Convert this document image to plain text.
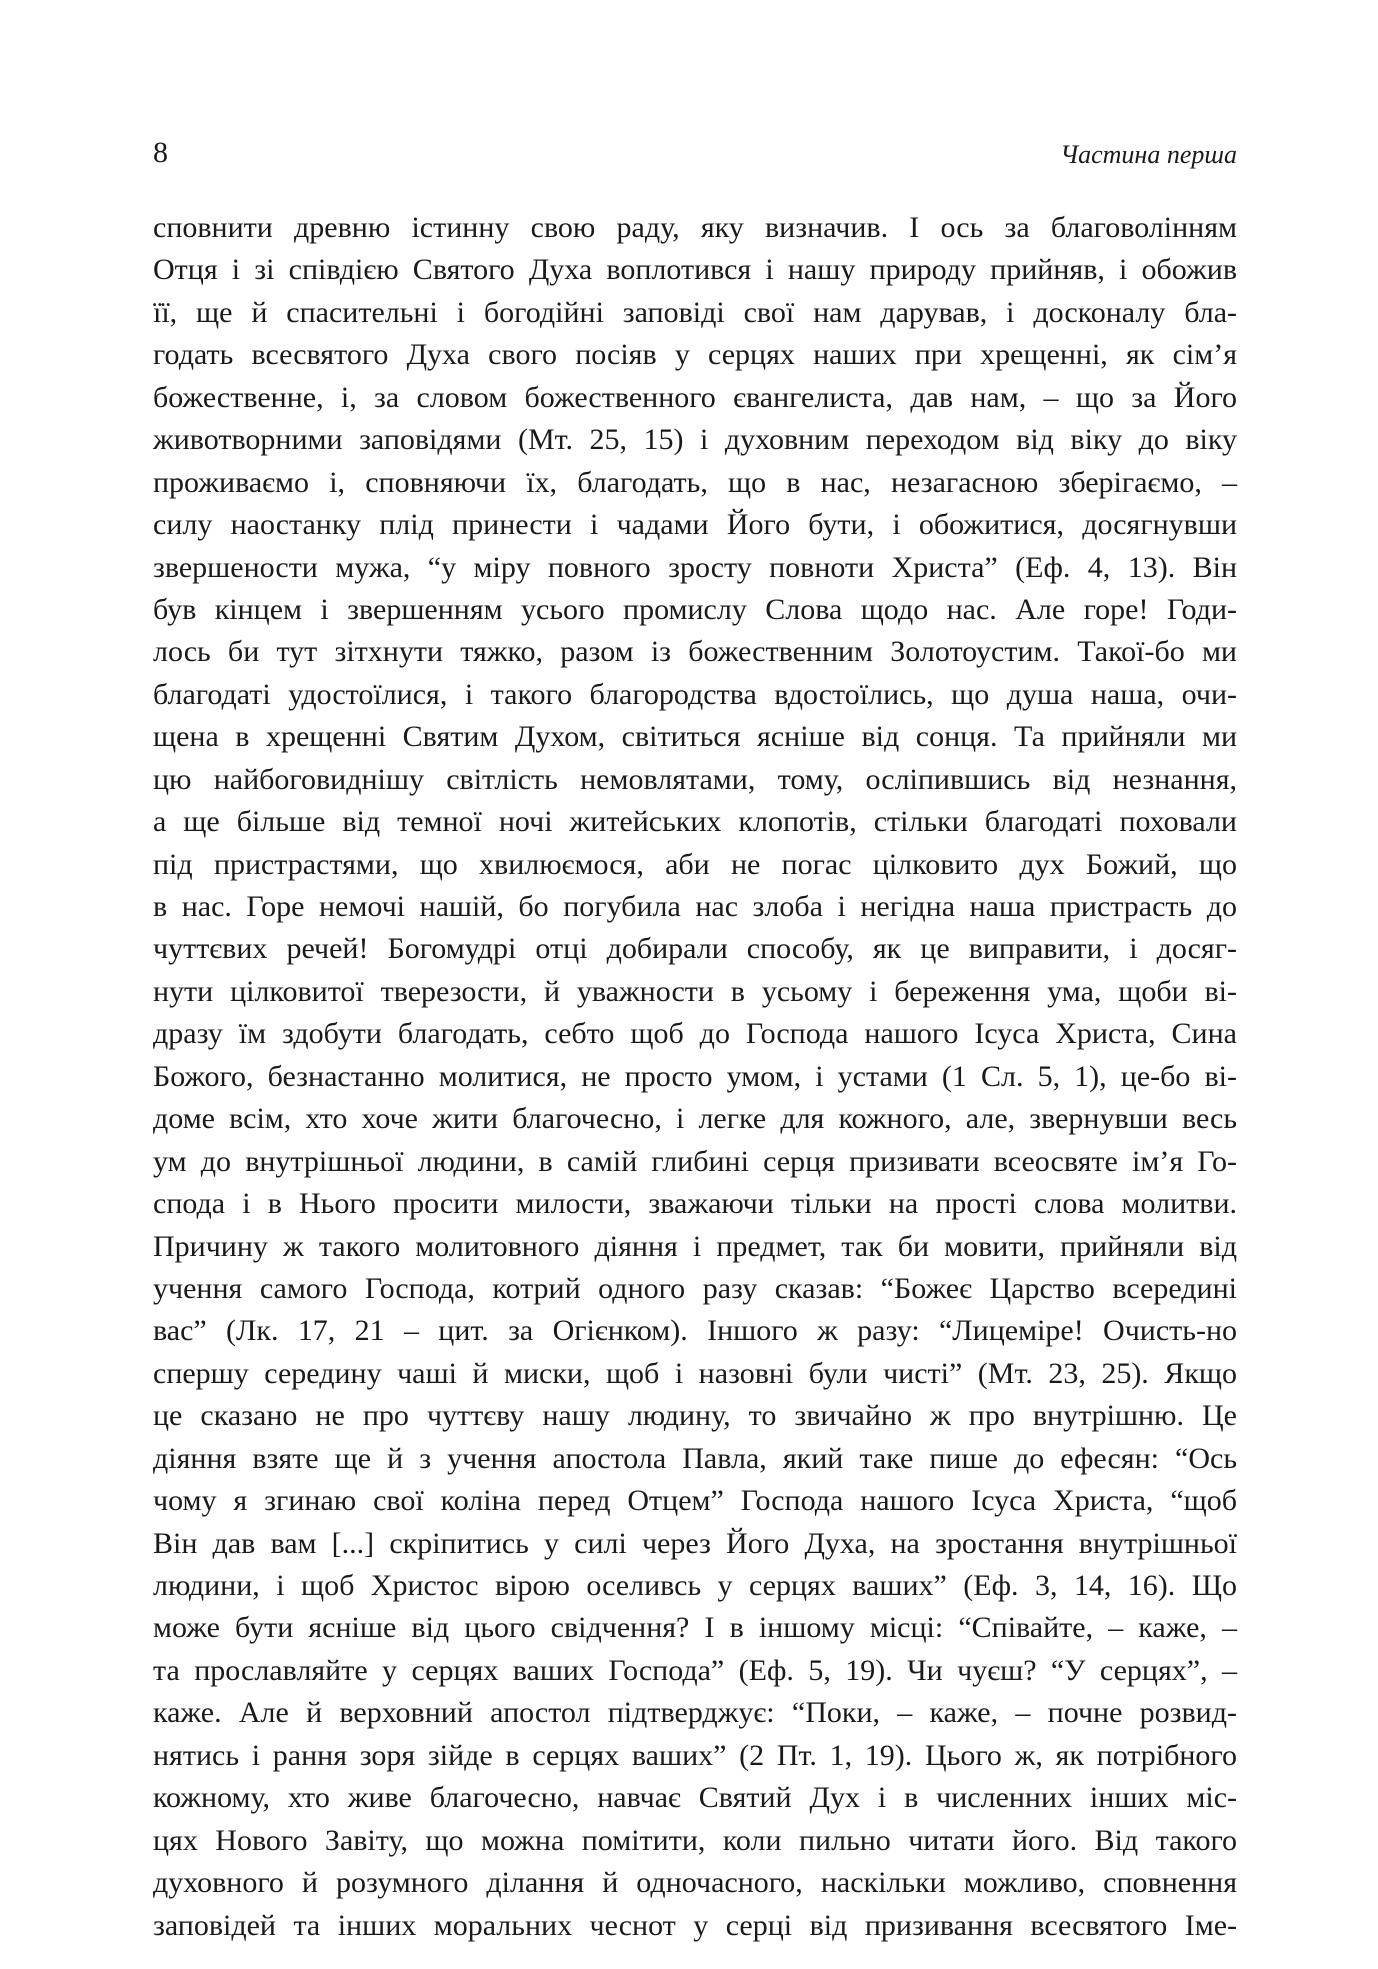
8	Частина перша
сповнити древню істинну свою раду, яку визначив. І ось за благоволінням
Отця і зі співдією Святого Духа воплотився і нашу природу прийняв, і обожив
її, ще й спасительні і богодійні заповіді свої нам дарував, і досконалу бла-
годать всесвятого Духа свого посіяв у серцях наших при хрещенні, як сім’я
божественне, і, за словом божественного євангелиста, дав нам, – що за Його
животворними заповідями (Мт. 25, 15) і духовним переходом від віку до віку
проживаємо і, сповняючи їх, благодать, що в нас, незагасною зберігаємо, –
силу наостанку плід принести і чадами Його бути, і обожитися, досягнувши
звершености мужа, “у міру повного зросту повноти Христа” (Еф. 4, 13). Він
був кінцем і звершенням усього промислу Слова щодо нас. Але горе! Годи-
лось би тут зітхнути тяжко, разом із божественним Золотоустим. Такої-бо ми
благодаті удостоїлися, і такого благородства вдостоїлись, що душа наша, очи-
щена в хрещенні Святим Духом, світиться ясніше від сонця. Та прийняли ми
цю найбоговиднішу світлість немовлятами, тому, осліпившись від незнання,
а ще більше від темної ночі житейських клопотів, стільки благодаті поховали
під пристрастями, що хвилюємося, аби не погас цілковито дух Божий, що
в нас. Горе немочі нашій, бо погубила нас злоба і негідна наша пристрасть до
чуттєвих речей! Богомудрі отці добирали способу, як це виправити, і досяг-
нути цілковитої тверезости, й уважности в усьому і береження ума, щоби ві-
дразу їм здобути благодать, себто щоб до Господа нашого Ісуса Христа, Сина
Божого, безнастанно молитися, не просто умом, і устами (1 Сл. 5, 1), це-бо ві-
доме всім, хто хоче жити благочесно, і легке для кожного, але, звернувши весь
ум до внутрішньої людини, в самій глибині серця призивати всеосвяте ім’я Го-
спода і в Нього просити милости, зважаючи тільки на прості слова молитви.
Причину ж такого молитовного діяння і предмет, так би мовити, прийняли від
учення самого Господа, котрий одного разу сказав: “Божеє Царство всередині
вас” (Лк. 17, 21 – цит. за Огієнком). Іншого ж разу: “Лицеміре! Очисть-но
спершу середину чаші й миски, щоб і назовні були чисті” (Мт. 23, 25). Якщо
це сказано не про чуттєву нашу людину, то звичайно ж про внутрішню. Це
діяння взяте ще й з учення апостола Павла, який таке пише до ефесян: “Ось
чому я згинаю свої коліна перед Отцем” Господа нашого Ісуса Христа, “щоб
Він дав вам [...] скріпитись у силі через Його Духа, на зростання внутрішньої
людини, і щоб Христос вірою оселивсь у серцях ваших” (Еф. 3, 14, 16). Що
може бути ясніше від цього свідчення? І в іншому місці: “Співайте, – каже, –
та прославляйте у серцях ваших Господа” (Еф. 5, 19). Чи чуєш? “У серцях”, –
каже. Але й верховний апостол підтверджує: “Поки, – каже, – почне розвид-
нятись і рання зоря зійде в серцях ваших” (2 Пт. 1, 19). Цього ж, як потрібного
кожному, хто живе благочесно, навчає Святий Дух і в численних інших міс-
цях Нового Завіту, що можна помітити, коли пильно читати його. Від такого
духовного й розумного ділання й одночасного, наскільки можливо, сповнення
заповідей та інших моральних чеснот у серці від призивання всесвятого Іме-
